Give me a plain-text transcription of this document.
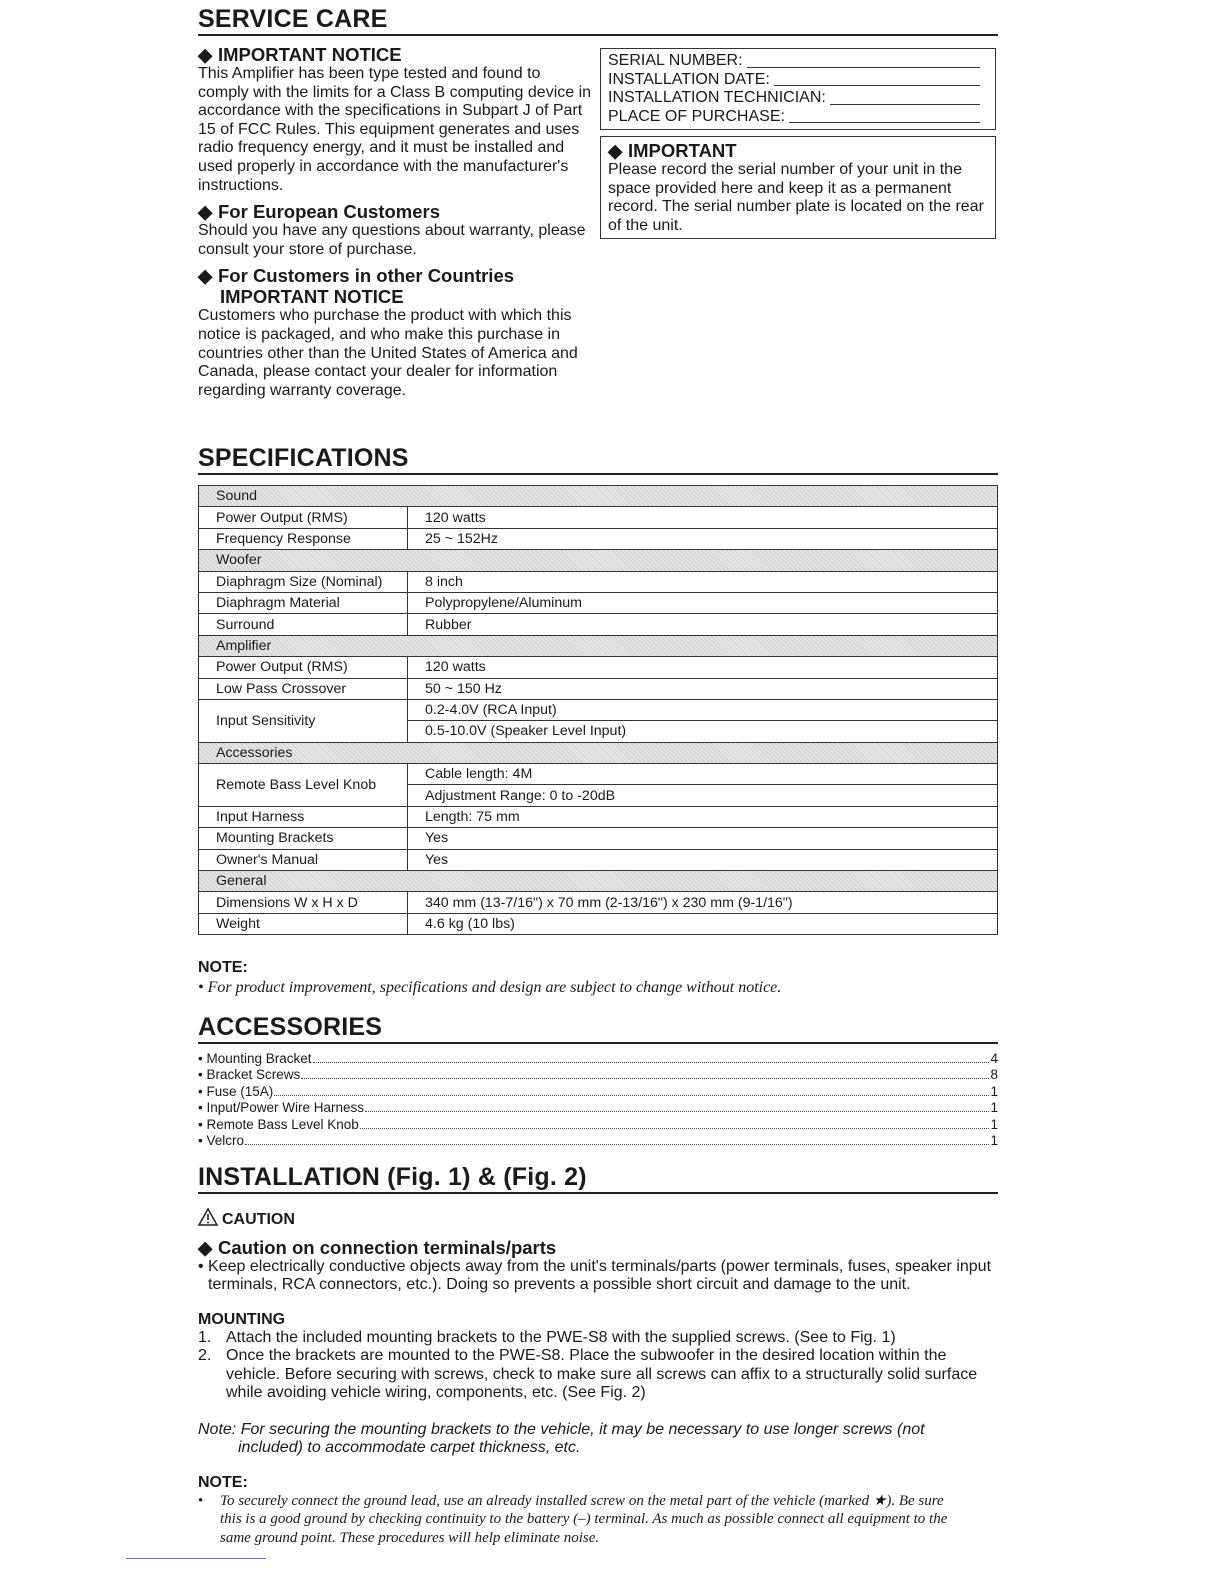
SERVICE CARE

◆ IMPORTANT NOTICE

This Amplifier has been type tested and found to
comply with the limits for a Class B computing device in
accordance with the specifications in Subpart J of Part
15 of FCC Rules. This equipment generates and uses
radio frequency energy, and it must be installed and
used properly in accordance with the manufacturer's
instructions.

◆ For European Customers

Should you have any questions about warranty, please
consult your store of purchase.

◆ For Customers in other Countries

IMPORTANT NOTICE

Customers who purchase the product with which this
notice is packaged, and who make this purchase in
countries other than the United States of America and
Canada, please contact your dealer for information
regarding warranty coverage.
SERIAL NUMBER:
INSTALLATION DATE:
INSTALLATION TECHNICIAN:
PLACE OF PURCHASE:

◆ IMPORTANT

Please record the serial number of your unit in the
space provided here and keep it as a permanent
record. The serial number plate is located on the rear
of the unit.
SPECIFICATIONS
Sound	
Power Output (RMS)	120 watts
Frequency Response	25 ~ 152Hz
Woofer	
Diaphragm Size (Nominal)	8 inch
Diaphragm Material	Polypropylene/Aluminum
Surround	Rubber
Amplifier	
Power Output (RMS)	120 watts
Low Pass Crossover	50 ~ 150 Hz
Input Sensitivity	0.2-4.0V (RCA Input)
	0.5-10.0V (Speaker Level Input)
Accessories	
Remote Bass Level Knob	Cable length: 4M
	Adjustment Range: 0 to -20dB
Input Harness	Length: 75 mm
Mounting Brackets	Yes
Owner's Manual	Yes
General	
Dimensions W x H x D	340 mm (13-7/16") x 70 mm (2-13/16") x 230 mm (9-1/16")
Weight	4.6 kg (10 lbs)

NOTE:

• For product improvement, specifications and design are subject to change without notice.
ACCESSORIES
• Mounting Bracket	4
• Bracket Screws	8
• Fuse (15A)	1
• Input/Power Wire Harness	1
• Remote Bass Level Knob	1
• Velcro	1
INSTALLATION (Fig. 1) & (Fig. 2)
CAUTION

◆ Caution on connection terminals/parts

• Keep electrically conductive objects away from the unit's terminals/parts (power terminals, fuses, speaker input
terminals, RCA connectors, etc.). Doing so prevents a possible short circuit and damage to the unit.

MOUNTING

1. Attach the included mounting brackets to the PWE-S8 with the supplied screws. (See to Fig. 1)
2. Once the brackets are mounted to the PWE-S8. Place the subwoofer in the desired location within the
vehicle. Before securing with screws, check to make sure all screws can affix to a structurally solid surface
while avoiding vehicle wiring, components, etc. (See Fig. 2)
Note: For securing the mounting brackets to the vehicle, it may be necessary to use longer screws (not
included) to accommodate carpet thickness, etc.

NOTE:

•	To securely connect the ground lead, use an already installed screw on the metal part of the vehicle (marked ★). Be sure
this is a good ground by checking continuity to the battery (–) terminal. As much as possible connect all equipment to the
same ground point. These procedures will help eliminate noise.
